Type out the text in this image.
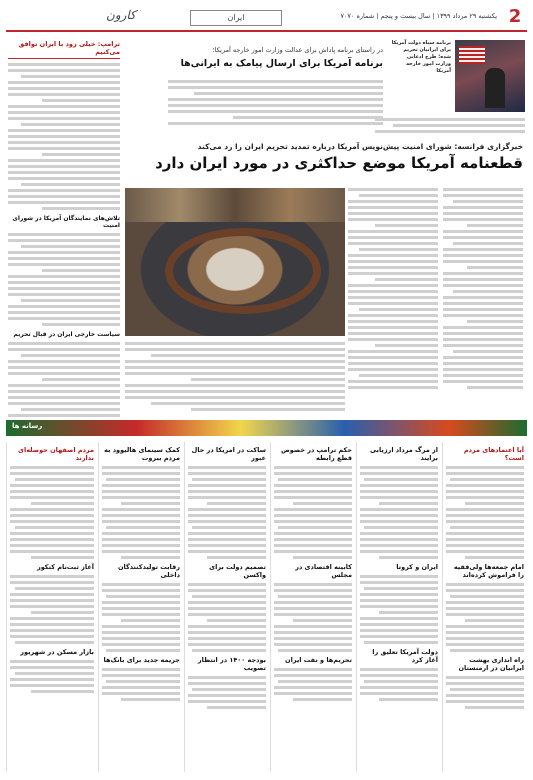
2
یکشنبه ۲۹ مرداد ۱۳۹۹ | سال بیست و پنجم | شماره ۷۰۷۰
ایران
کارون
برنامه سیاه دولت آمریکا برای ایرانیان تحریم شده؛ طرح ادعایی وزارت امور خارجه آمریکا
در راستای برنامه پاداش برای عدالت وزارت امور خارجه آمریکا؛
برنامه آمریکا برای ارسال پیامک به ایرانی‌ها
خبرگزاری فرانسه: شورای امنیت پیش‌نویس آمریکا درباره تمدید تحریم ایران را رد می‌کند
قطعنامه آمریکا موضع حداکثری در مورد ایران دارد
ترامپ: خیلی زود با ایران توافق می‌کنیم
تلاش‌های نمایندگان آمریکا در شورای امنیت
سیاست خارجی ایران در قبال تحریم
رسانه ها
آیا اعتماد‌های مردم است؟
امام جمعه‌ها ولی‌فقیه را فراموش کرده‌اند
راه اندازی بهشت ایرانیان در ارمنستان
از مرگ مرداد ارزیابی برایند
ایران و کرونا
دولت آمریکا تعلیق را آغاز کرد
حکم ترامپ در خصوص قطع رابطه
کابینه اقتصادی در مجلس
تحریم‌ها و نفت ایران
ساکت در امریکا در حال عبور
تصمیم دولت برای واکسن
بودجه ۱۴۰۰ در انتظار تصویب
کمک سینمای هالیوود به مردم بیروت
رقابت تولیدکنندگان داخلی
جریمه جدید برای بانک‌ها
مردم اصفهان حوصله‌ای ندارند
آغاز ثبت‌نام کنکور
بازار مسکن در شهریور
